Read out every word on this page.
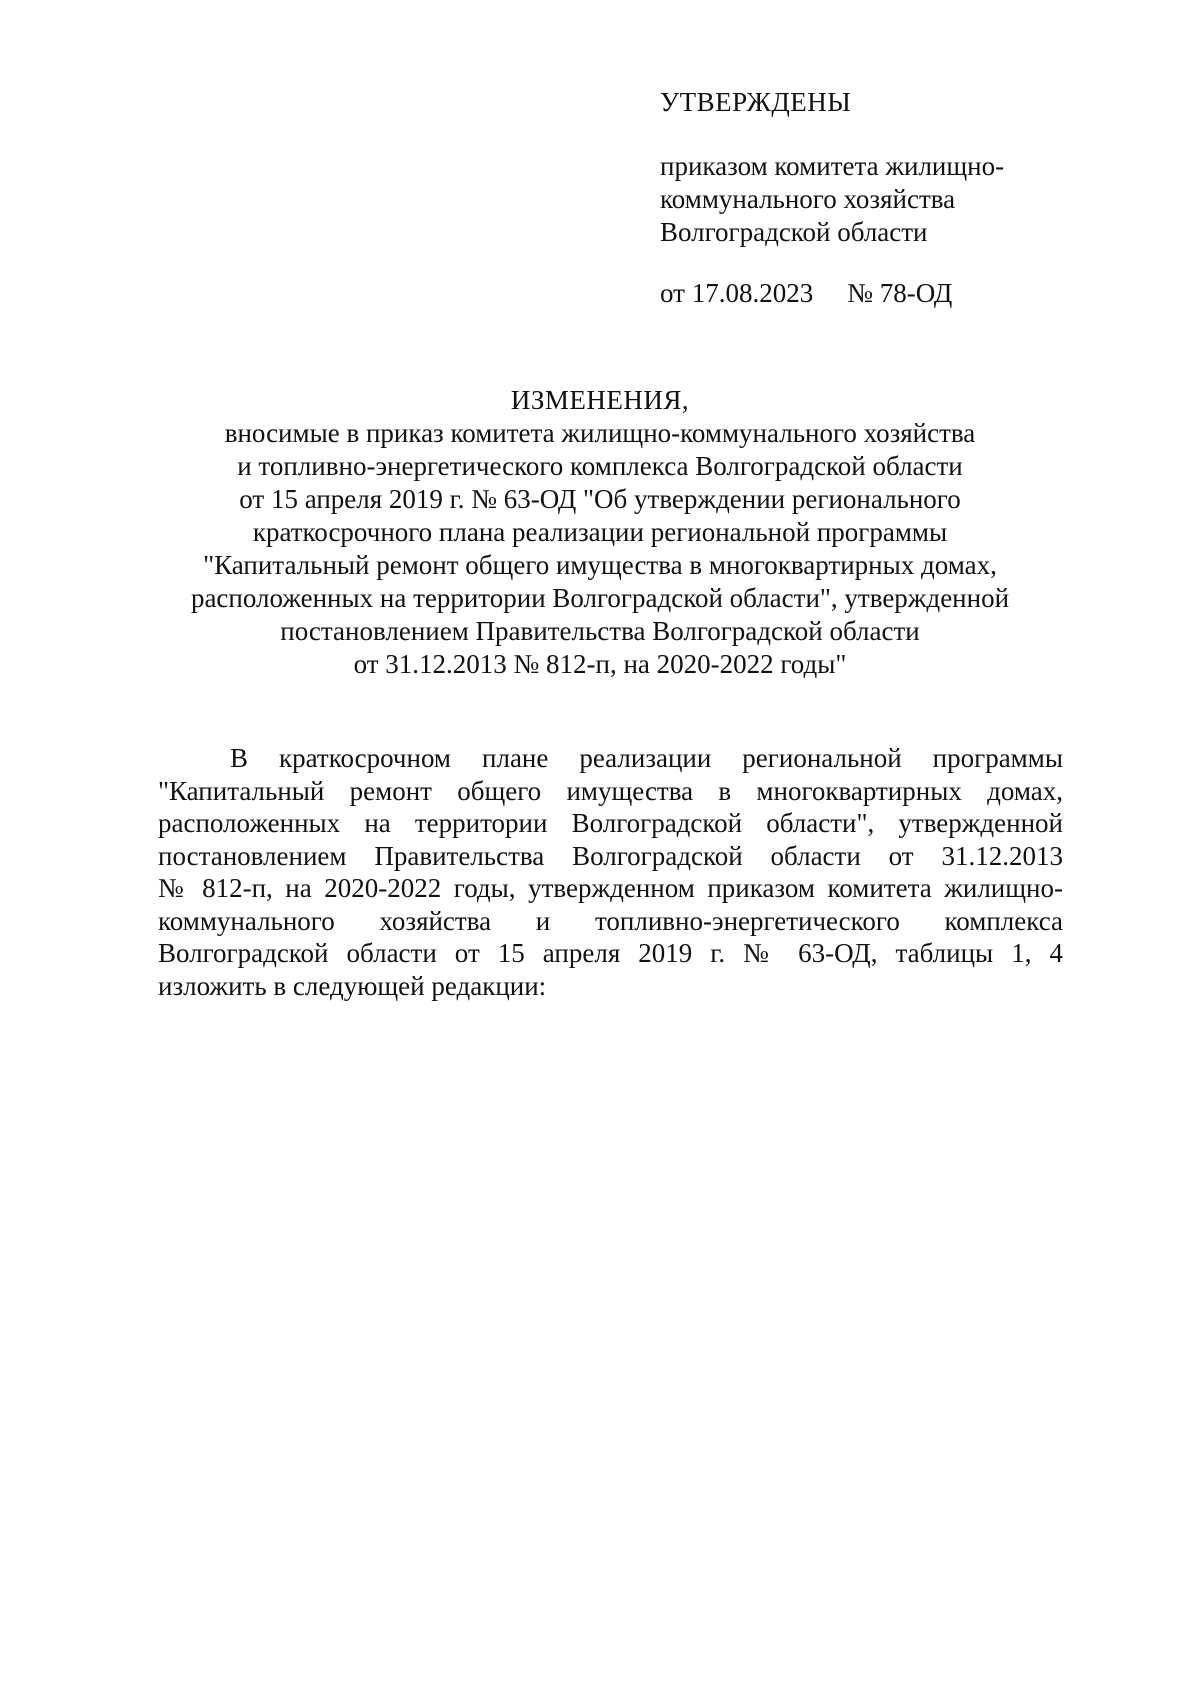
УТВЕРЖДЕНЫ
приказом комитета жилищно-
коммунального хозяйства
Волгоградской области
от 17.08.2023 № 78-ОД
ИЗМЕНЕНИЯ,
вносимые в приказ комитета жилищно-коммунального хозяйства
и топливно-энергетического комплекса Волгоградской области
от 15 апреля 2019 г. № 63-ОД "Об утверждении регионального
краткосрочного плана реализации региональной программы
"Капитальный ремонт общего имущества в многоквартирных домах,
расположенных на территории Волгоградской области", утвержденной
постановлением Правительства Волгоградской области
от 31.12.2013 № 812-п, на 2020-2022 годы"
В краткосрочном плане реализации региональной программы
"Капитальный ремонт общего имущества в многоквартирных домах,
расположенных на территории Волгоградской области", утвержденной
постановлением Правительства Волгоградской области от 31.12.2013
№ 812-п, на 2020-2022 годы, утвержденном приказом комитета жилищно-
коммунального хозяйства и топливно-энергетического комплекса
Волгоградской области от 15 апреля 2019 г. № 63-ОД, таблицы 1, 4
изложить в следующей редакции:
